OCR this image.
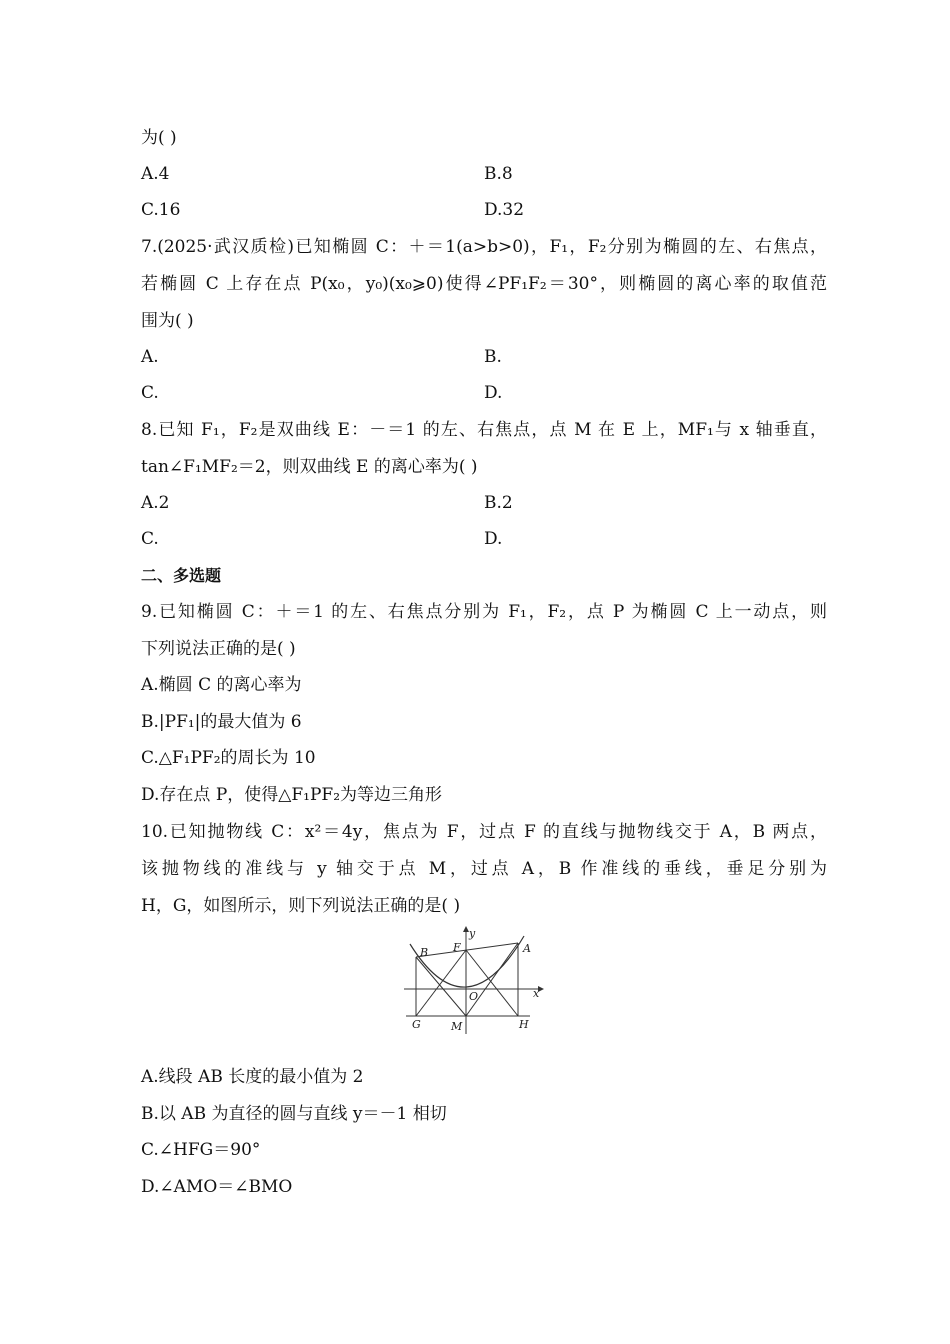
为( )
A.4	B.8
C.16	D.32
7.(2025·武汉质检)已知椭圆 C：＋＝1(a>b>0)，F₁，F₂分别为椭圆的左、右焦点，
若椭圆 C 上存在点 P(x₀，y₀)(x₀⩾0)使得∠PF₁F₂＝30°，则椭圆的离心率的取值范
围为( )
A.	B.
C.	D.
8.已知 F₁，F₂是双曲线 E：－＝1 的左、右焦点，点 M 在 E 上，MF₁与 x 轴垂直，
tan∠F₁MF₂＝2，则双曲线 E 的离心率为( )
A.2	B.2
C.	D.
二、多选题
9.已知椭圆 C：＋＝1 的左、右焦点分别为 F₁，F₂，点 P 为椭圆 C 上一动点，则
下列说法正确的是( )
A.椭圆 C 的离心率为
B.|PF₁|的最大值为 6
C.△F₁PF₂的周长为 10
D.存在点 P，使得△F₁PF₂为等边三角形
10.已知抛物线 C：x²＝4y，焦点为 F，过点 F 的直线与抛物线交于 A，B 两点，
该抛物线的准线与 y 轴交于点 M，过点 A，B 作准线的垂线，垂足分别为
H，G，如图所示，则下列说法正确的是( )
B F
y
A
O	x
G	M	H
A.线段 AB 长度的最小值为 2
B.以 AB 为直径的圆与直线 y＝－1 相切
C.∠HFG＝90°
D.∠AMO＝∠BMO
